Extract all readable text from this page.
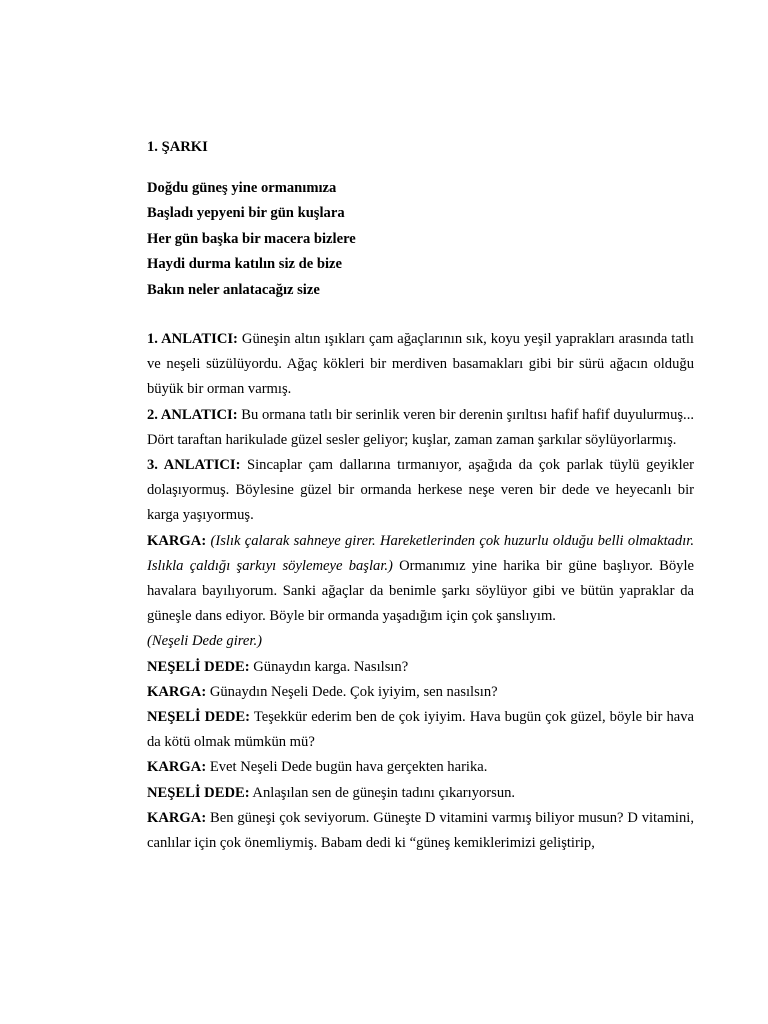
1. ŞARKI
Doğdu güneş yine ormanımıza
Başladı yepyeni bir gün kuşlara
Her gün başka bir macera bizlere
Haydi durma katılın siz de bize
Bakın neler anlatacağız size

1. ANLATICI: Güneşin altın ışıkları çam ağaçlarının sık, koyu yeşil yaprakları arasında tatlı ve neşeli süzülüyordu. Ağaç kökleri bir merdiven basamakları gibi bir sürü ağacın olduğu büyük bir orman varmış.

2. ANLATICI: Bu ormana tatlı bir serinlik veren bir derenin şırıltısı hafif hafif duyulurmuş... Dört taraftan harikulade güzel sesler geliyor; kuşlar, zaman zaman şarkılar söylüyorlarmış.

3. ANLATICI: Sincaplar çam dallarına tırmanıyor, aşağıda da çok parlak tüylü geyikler dolaşıyormuş. Böylesine güzel bir ormanda herkese neşe veren bir dede ve heyecanlı bir karga yaşıyormuş.

KARGA: (Islık çalarak sahneye girer. Hareketlerinden çok huzurlu olduğu belli olmaktadır. Islıkla çaldığı şarkıyı söylemeye başlar.) Ormanımız yine harika bir güne başlıyor. Böyle havalara bayılıyorum. Sanki ağaçlar da benimle şarkı söylüyor gibi ve bütün yapraklar da güneşle dans ediyor. Böyle bir ormanda yaşadığım için çok şanslıyım.

(Neşeli Dede girer.)

NEŞELİ DEDE: Günaydın karga. Nasılsın?

KARGA: Günaydın Neşeli Dede. Çok iyiyim, sen nasılsın?

NEŞELİ DEDE: Teşekkür ederim ben de çok iyiyim. Hava bugün çok güzel, böyle bir hava da kötü olmak mümkün mü?

KARGA: Evet Neşeli Dede bugün hava gerçekten harika.

NEŞELİ DEDE: Anlaşılan sen de güneşin tadını çıkarıyorsun.

KARGA: Ben güneşi çok seviyorum. Güneşte D vitamini varmış biliyor musun? D vitamini, canlılar için çok önemliymiş. Babam dedi ki “güneş kemiklerimizi geliştirip,
